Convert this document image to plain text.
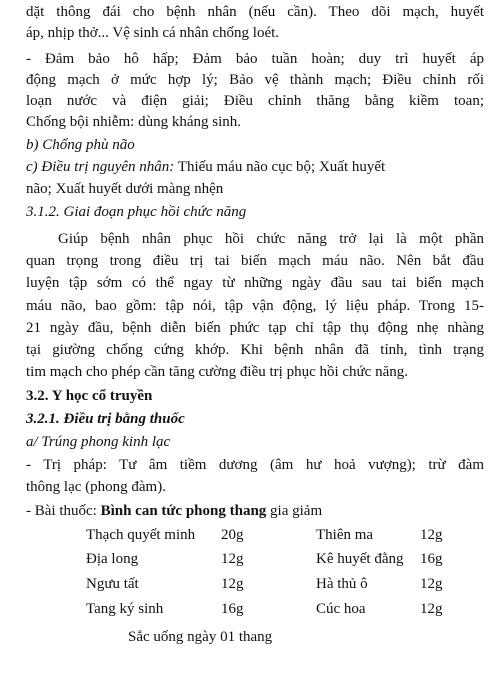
dặt thông đái cho bệnh nhân (nếu cần). Theo dõi mạch, huyết
áp, nhịp thở... Vệ sinh cá nhân chống loét.
- Đảm bảo hô hấp; Đảm bảo tuần hoàn; duy trì huyết áp
động mạch ở mức hợp lý; Bảo vệ thành mạch; Điều chỉnh rối
loạn nước và điện giải; Điều chỉnh thăng bằng kiềm toan;
Chống bội nhiễm: dùng kháng sinh.
b) Chống phù não
c) Điều trị nguyên nhân: Thiếu máu não cục bộ; Xuất huyết
não; Xuất huyết dưới màng nhện
3.1.2. Giai đoạn phục hồi chức năng
Giúp bệnh nhân phục hồi chức năng trở lại là một phần
quan trọng trong điều trị tai biến mạch máu não. Nên bắt đầu
luyện tập sớm có thể ngay từ những ngày đầu sau tai biến mạch
máu não, bao gồm: tập nói, tập vận động, lý liệu pháp. Trong 15-
21 ngày đầu, bệnh diễn biến phức tạp chỉ tập thụ động nhẹ nhàng
tại giường chống cứng khớp. Khi bệnh nhân đã tỉnh, tình trạng
tim mạch cho phép cần tăng cường điều trị phục hồi chức năng.
3.2. Y học cổ truyền
3.2.1. Điều trị bằng thuốc
a/ Trúng phong kinh lạc
- Trị pháp: Tư âm tiềm dương (âm hư hoả vượng); trừ đàm
thông lạc (phong đàm).
- Bài thuốc: Bình can tức phong thang gia giảm
Thạch quyết minh 20g	Thiên ma	12g
Địa long	12g	Kê huyết đằng 16g
Ngưu tất	12g	Hà thủ ô	12g
Tang ký sinh	16g	Cúc hoa	12g
Sắc uống ngày 01 thang
